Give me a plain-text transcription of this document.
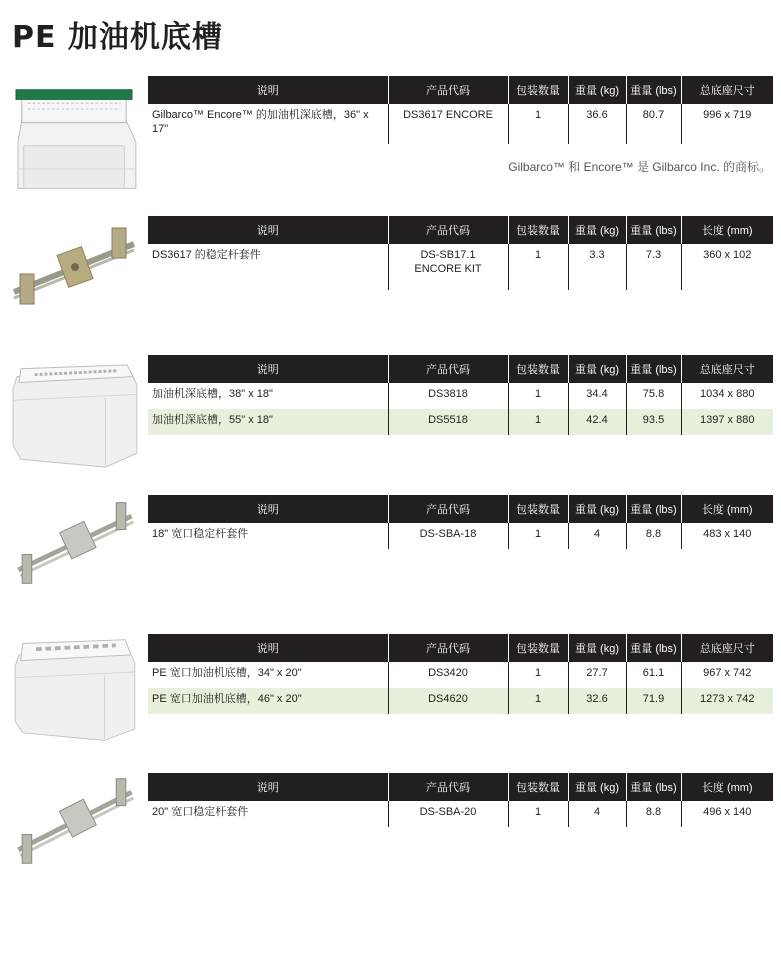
PE 加油机底槽
说明	产品代码	包装数量	重量 (kg)	重量 (lbs)	总底座尺寸
Gilbarco™ Encore™ 的加油机深底槽，36" x 17"	DS3617 ENCORE	1	36.6	80.7	996 x 719
Gilbarco™ 和 Encore™ 是 Gilbarco Inc. 的商标。
说明	产品代码	包装数量	重量 (kg)	重量 (lbs)	长度 (mm)
DS3617 的稳定杆套件	DS-SB17.1 ENCORE KIT	1	3.3	7.3	360 x 102
说明	产品代码	包装数量	重量 (kg)	重量 (lbs)	总底座尺寸
加油机深底槽，38" x 18"	DS3818	1	34.4	75.8	1034 x 880
加油机深底槽，55" x 18"	DS5518	1	42.4	93.5	1397 x 880
说明	产品代码	包装数量	重量 (kg)	重量 (lbs)	长度 (mm)
18" 宽口稳定杆套件	DS-SBA-18	1	4	8.8	483 x 140
说明	产品代码	包装数量	重量 (kg)	重量 (lbs)	总底座尺寸
PE 宽口加油机底槽，34" x 20"	DS3420	1	27.7	61.1	967 x 742
PE 宽口加油机底槽，46" x 20"	DS4620	1	32.6	71.9	1273 x 742
说明	产品代码	包装数量	重量 (kg)	重量 (lbs)	长度 (mm)
20" 宽口稳定杆套件	DS-SBA-20	1	4	8.8	496 x 140
